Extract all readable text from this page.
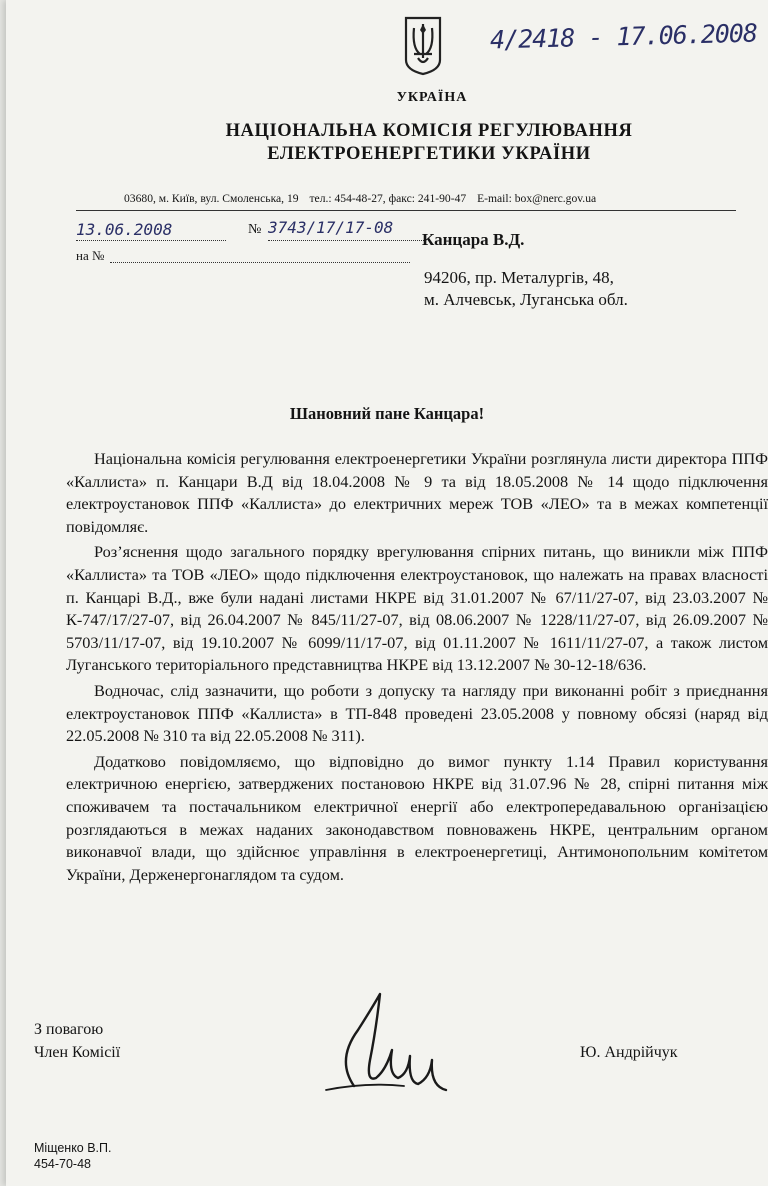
4/2418 - 17.06.2008
УКРАЇНА
НАЦІОНАЛЬНА КОМІСІЯ РЕГУЛЮВАННЯ
ЕЛЕКТРОЕНЕРГЕТИКИ УКРАЇНИ
03680, м. Київ, вул. Смоленська, 19 тел.: 454-48-27, факс: 241-90-47 E-mail: box@nerc.gov.ua
13.06.2008	№ 3743/17/17-08
на №
Канцара В.Д.
94206, пр. Металургів, 48,
м. Алчевськ, Луганська обл.
Шановний пане Канцара!

Національна комісія регулювання електроенергетики України розглянула листи директора ППФ «Каллиста» п. Канцари В.Д від 18.04.2008 № 9 та від 18.05.2008 № 14 щодо підключення електроустановок ППФ «Каллиста» до електричних мереж ТОВ «ЛЕО» та в межах компетенції повідомляє.

Роз’яснення щодо загального порядку врегулювання спірних питань, що виникли між ППФ «Каллиста» та ТОВ «ЛЕО» щодо підключення електроустановок, що належать на правах власності п. Канцарі В.Д., вже були надані листами НКРЕ від 31.01.2007 № 67/11/27-07, від 23.03.2007 № К-747/17/27-07, від 26.04.2007 № 845/11/27-07, від 08.06.2007 № 1228/11/27-07, від 26.09.2007 № 5703/11/17-07, від 19.10.2007 № 6099/11/17-07, від 01.11.2007 № 1611/11/27-07, а також листом Луганського територіального представництва НКРЕ від 13.12.2007 № 30-12-18/636.

Водночас, слід зазначити, що роботи з допуску та нагляду при виконанні робіт з приєднання електроустановок ППФ «Каллиста» в ТП-848 проведені 23.05.2008 у повному обсязі (наряд від 22.05.2008 № 310 та від 22.05.2008 № 311).

Додатково повідомляємо, що відповідно до вимог пункту 1.14 Правил користування електричною енергією, затверджених постановою НКРЕ від 31.07.96 № 28, спірні питання між споживачем та постачальником електричної енергії або електропередавальною організацією розглядаються в межах наданих законодавством повноважень НКРЕ, центральним органом виконавчої влади, що здійснює управління в електроенергетиці, Антимонопольним комітетом України, Держенергонаглядом та судом.

З повагою
Член Комісії	Ю. Андрійчук
Міщенко В.П.
454-70-48
